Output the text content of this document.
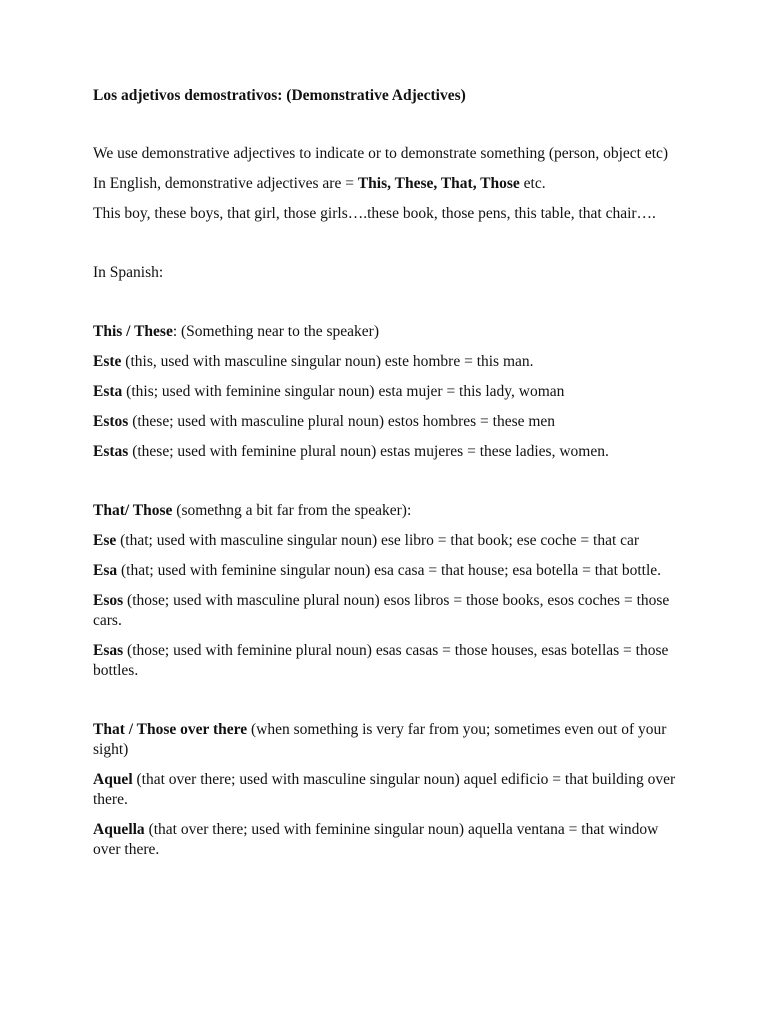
Los adjetivos demostrativos: (Demonstrative Adjectives)

We use demonstrative adjectives to indicate or to demonstrate something (person, object etc)

In English, demonstrative adjectives are = This, These, That, Those etc.

This boy, these boys, that girl, those girls….these book, those pens, this table, that chair….

In Spanish:

This / These: (Something near to the speaker)

Este (this, used with masculine singular noun) este hombre = this man.

Esta (this; used with feminine singular noun) esta mujer = this lady, woman

Estos (these; used with masculine plural noun) estos hombres = these men

Estas (these; used with feminine plural noun) estas mujeres = these ladies, women.

That/ Those (somethng a bit far from the speaker):

Ese (that; used with masculine singular noun) ese libro = that book; ese coche = that car

Esa (that; used with feminine singular noun) esa casa = that house; esa botella = that bottle.

Esos (those; used with masculine plural noun) esos libros = those books, esos coches = those cars.

Esas (those; used with feminine plural noun) esas casas = those houses, esas botellas = those bottles.

That / Those over there (when something is very far from you; sometimes even out of your sight)

Aquel (that over there; used with masculine singular noun) aquel edificio = that building over there.

Aquella (that over there; used with feminine singular noun) aquella ventana = that window over there.
